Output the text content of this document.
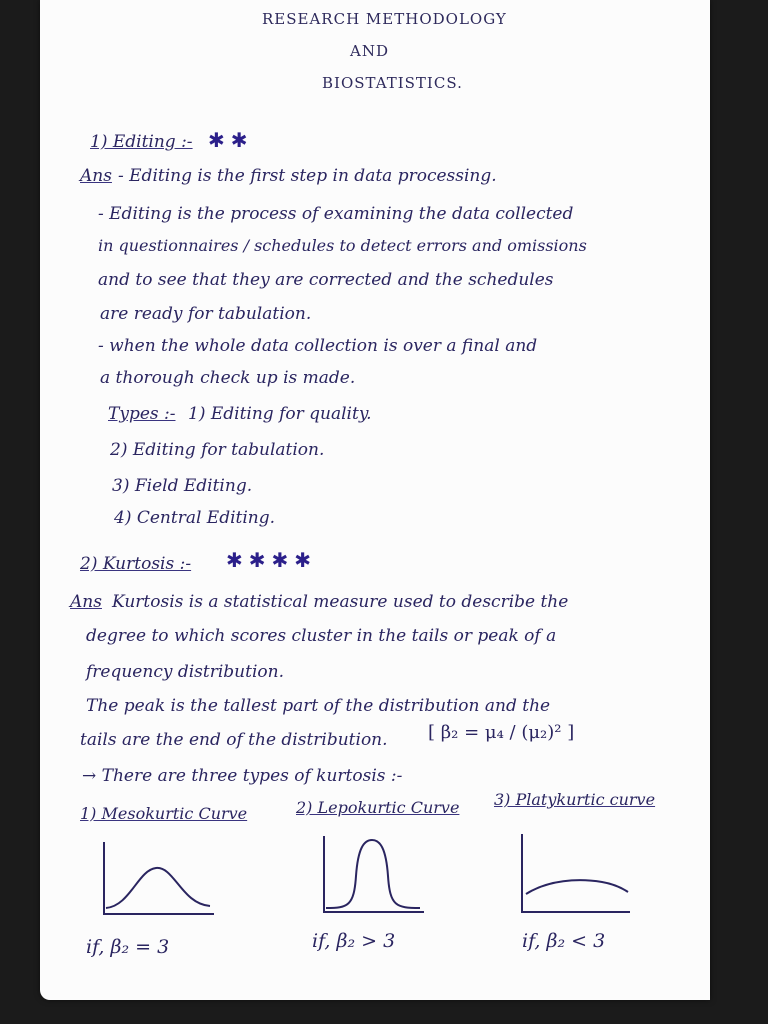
RESEARCH METHODOLOGY
AND
BIOSTATISTICS.
1) Editing :- ✱✱
Ans - Editing is the first step in data processing.
- Editing is the process of examining the data collected
in questionnaires / schedules to detect errors and omissions
and to see that they are corrected and the schedules
are ready for tabulation.
- when the whole data collection is over a final and
a thorough check up is made.
Types :- 1) Editing for quality.
2) Editing for tabulation.
3) Field Editing.
4) Central Editing.
2) Kurtosis :- ✱✱✱✱
Ans Kurtosis is a statistical measure used to describe the
degree to which scores cluster in the tails or peak of a
frequency distribution.
The peak is the tallest part of the distribution and the
tails are the end of the distribution. [ β₂ = μ₄ / (μ₂)² ]
→ There are three types of kurtosis :-
1) Mesokurtic Curve	2) Lepokurtic Curve 3) Platykurtic curve
if, β₂ = 3	if, β₂ > 3	if, β₂ < 3
